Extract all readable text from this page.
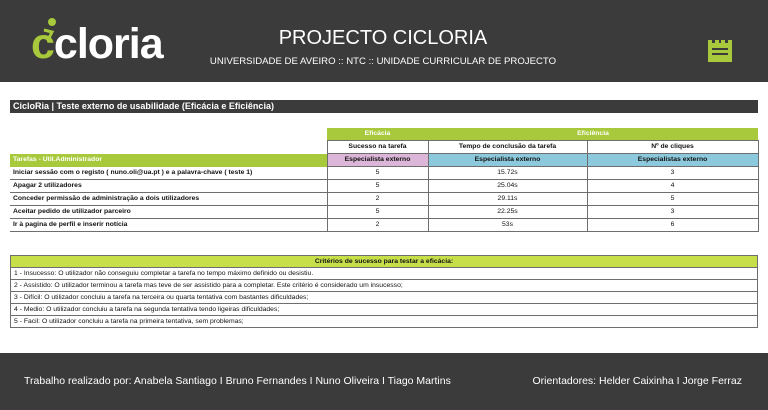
ccloria	PROJECTO CICLORIA
UNIVERSIDADE DE AVEIRO :: NTC :: UNIDADE CURRICULAR DE PROJECTO
CicloRia | Teste externo de usabilidade (Eficácia e Eficiência)
	Eficácia	Eficiência	
	Sucesso na tarefa	Tempo de conclusão da tarefa	Nº de cliques
Tarefas - Util.Administrador	Especialista externo	Especialista externo	Especialistas externo
Iniciar sessão com o registo ( nuno.oli@ua.pt ) e a palavra-chave ( teste 1)	5	15.72s	3
Apagar 2 utilizadores	5	25.04s	4
Conceder permissão de administração a dois utilizadores	2	29.11s	5
Aceitar pedido de utilizador parceiro	5	22.25s	3
Ir à pagina de perfil e inserir notícia	2	53s	6
Critérios de sucesso para testar a eficácia:
1 - Insucesso: O utilizador não conseguiu completar a tarefa no tempo máximo definido ou desistiu.
2 - Assistido: O utilizador terminou a tarefa mas teve de ser assistido para a completar. Este critério é considerado um insucesso;
3 - Difícil: O utilizador concluiu a tarefa na terceira ou quarta tentativa com bastantes dificuldades;
4 - Medio: O utilizador concluiu a tarefa na segunda tentativa tendo ligeiras dificuldades;
5 - Facil: O utilizador concluiu a tarefa na primeira tentativa, sem problemas;
Trabalho realizado por: Anabela Santiago I Bruno Fernandes I Nuno Oliveira I Tiago Martins	Orientadores: Helder Caixinha I Jorge Ferraz
